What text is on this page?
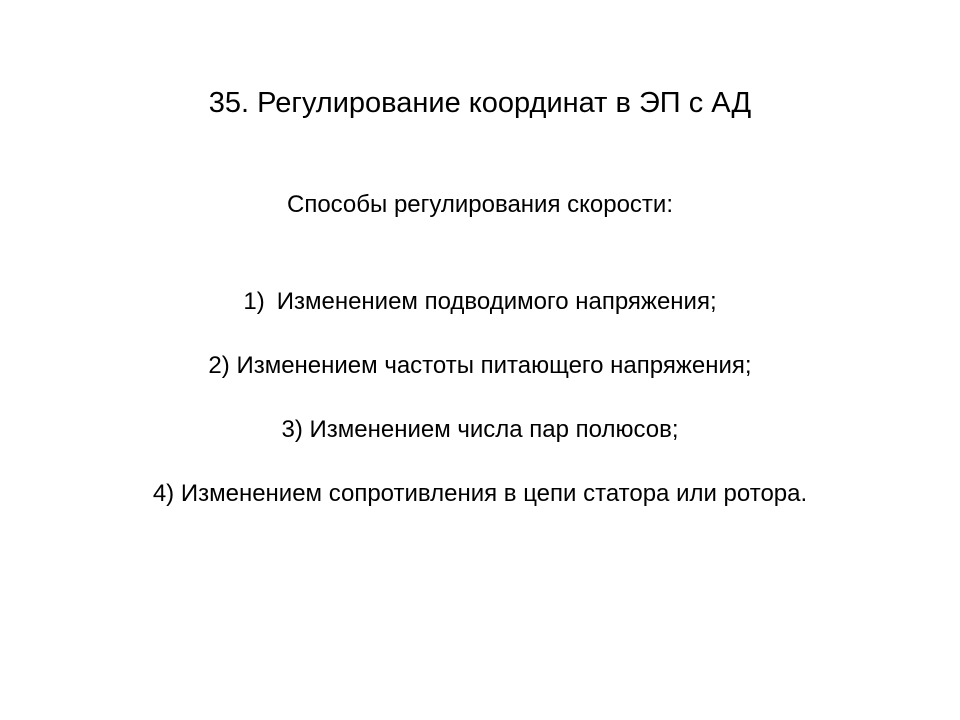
35. Регулирование координат в ЭП с АД
Способы регулирования скорости:
1) Изменением подводимого напряжения;
2) Изменением частоты питающего напряжения;
3) Изменением числа пар полюсов;
4) Изменением сопротивления в цепи статора или ротора.
